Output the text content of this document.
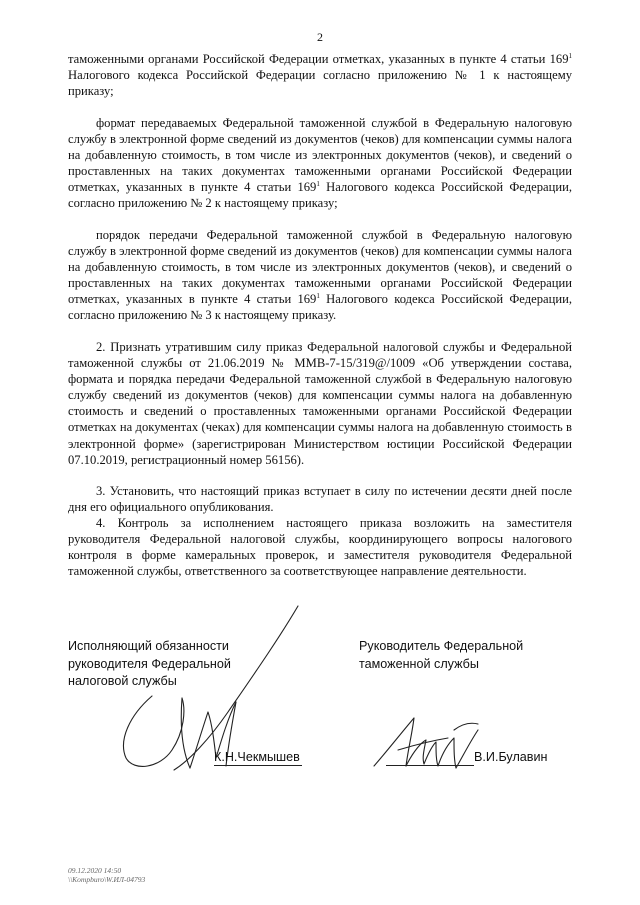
2

таможенными органами Российской Федерации отметках, указанных в пункте 4 статьи $169^1$ Налогового кодекса Российской Федерации согласно приложению № 1 к настоящему приказу;

формат передаваемых Федеральной таможенной службой в Федеральную налоговую службу в электронной форме сведений из документов (чеков) для компенсации суммы налога на добавленную стоимость, в том числе из электронных документов (чеков), и сведений о проставленных на таких документах таможенными органами Российской Федерации отметках, указанных в пункте 4 статьи $169^1$ Налогового кодекса Российской Федерации, согласно приложению № 2 к настоящему приказу;

порядок передачи Федеральной таможенной службой в Федеральную налоговую службу в электронной форме сведений из документов (чеков) для компенсации суммы налога на добавленную стоимость, в том числе из электронных документов (чеков), и сведений о проставленных на таких документах таможенными органами Российской Федерации отметках, указанных в пункте 4 статьи $169^1$ Налогового кодекса Российской Федерации, согласно приложению № 3 к настоящему приказу.

2. Признать утратившим силу приказ Федеральной налоговой службы и Федеральной таможенной службы от 21.06.2019 № ММВ-7-15/319@/1009 «Об утверждении состава, формата и порядка передачи Федеральной таможенной службой в Федеральную налоговую службу сведений из документов (чеков) для компенсации суммы налога на добавленную стоимость и сведений о проставленных таможенными органами Российской Федерации отметках на документах (чеках) для компенсации суммы налога на добавленную стоимость в электронной форме» (зарегистрирован Министерством юстиции Российской Федерации 07.10.2019, регистрационный номер 56156).

3. Установить, что настоящий приказ вступает в силу по истечении десяти дней после дня его официального опубликования.

4. Контроль за исполнением настоящего приказа возложить на заместителя руководителя Федеральной налоговой службы, координирующего вопросы налогового контроля в форме камеральных проверок, и заместителя руководителя Федеральной таможенной службы, ответственного за соответствующее направление деятельности.

Исполняющий обязанности
руководителя Федеральной
налоговой службы
Руководитель Федеральной
таможенной службы
К.Н.Чекмышев	В.И.Булавин
09.12.2020 14:50
\\Kompburo\W.ИЛ-04793
